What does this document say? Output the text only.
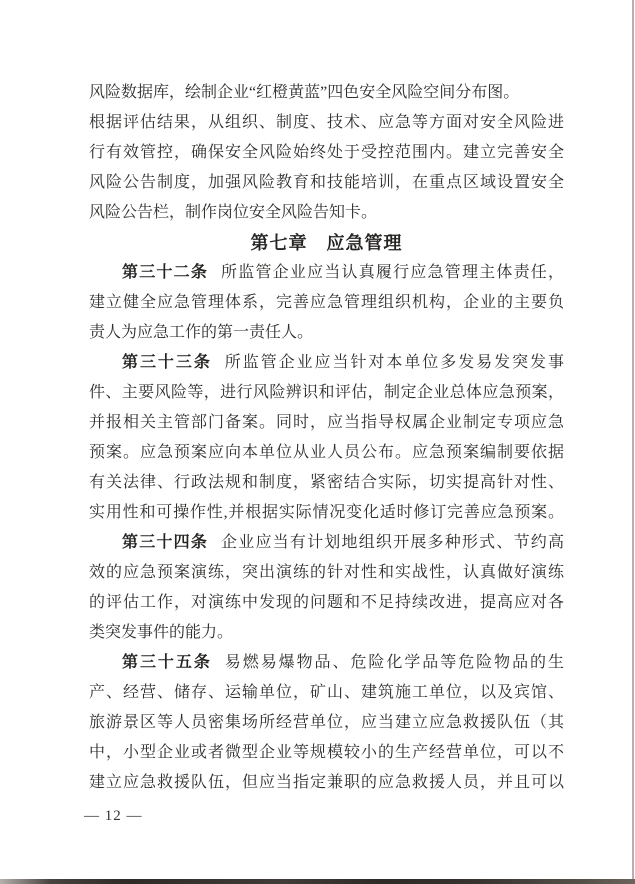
风险数据库，绘制企业“红橙黄蓝”四色安全风险空间分布图。
根据评估结果，从组织、制度、技术、应急等方面对安全风险进
行有效管控，确保安全风险始终处于受控范围内。建立完善安全
风险公告制度，加强风险教育和技能培训，在重点区域设置安全
风险公告栏，制作岗位安全风险告知卡。
第七章　应急管理
第三十二条 所监管企业应当认真履行应急管理主体责任，
建立健全应急管理体系，完善应急管理组织机构，企业的主要负
责人为应急工作的第一责任人。
第三十三条 所监管企业应当针对本单位多发易发突发事
件、主要风险等，进行风险辨识和评估，制定企业总体应急预案，
并报相关主管部门备案。同时，应当指导权属企业制定专项应急
预案。应急预案应向本单位从业人员公布。应急预案编制要依据
有关法律、行政法规和制度，紧密结合实际，切实提高针对性、
实用性和可操作性,并根据实际情况变化适时修订完善应急预案。
第三十四条 企业应当有计划地组织开展多种形式、节约高
效的应急预案演练，突出演练的针对性和实战性，认真做好演练
的评估工作，对演练中发现的问题和不足持续改进，提高应对各
类突发事件的能力。
第三十五条 易燃易爆物品、危险化学品等危险物品的生
产、经营、储存、运输单位，矿山、建筑施工单位，以及宾馆、
旅游景区等人员密集场所经营单位，应当建立应急救援队伍（其
中，小型企业或者微型企业等规模较小的生产经营单位，可以不
建立应急救援队伍，但应当指定兼职的应急救援人员，并且可以
— 12 —
